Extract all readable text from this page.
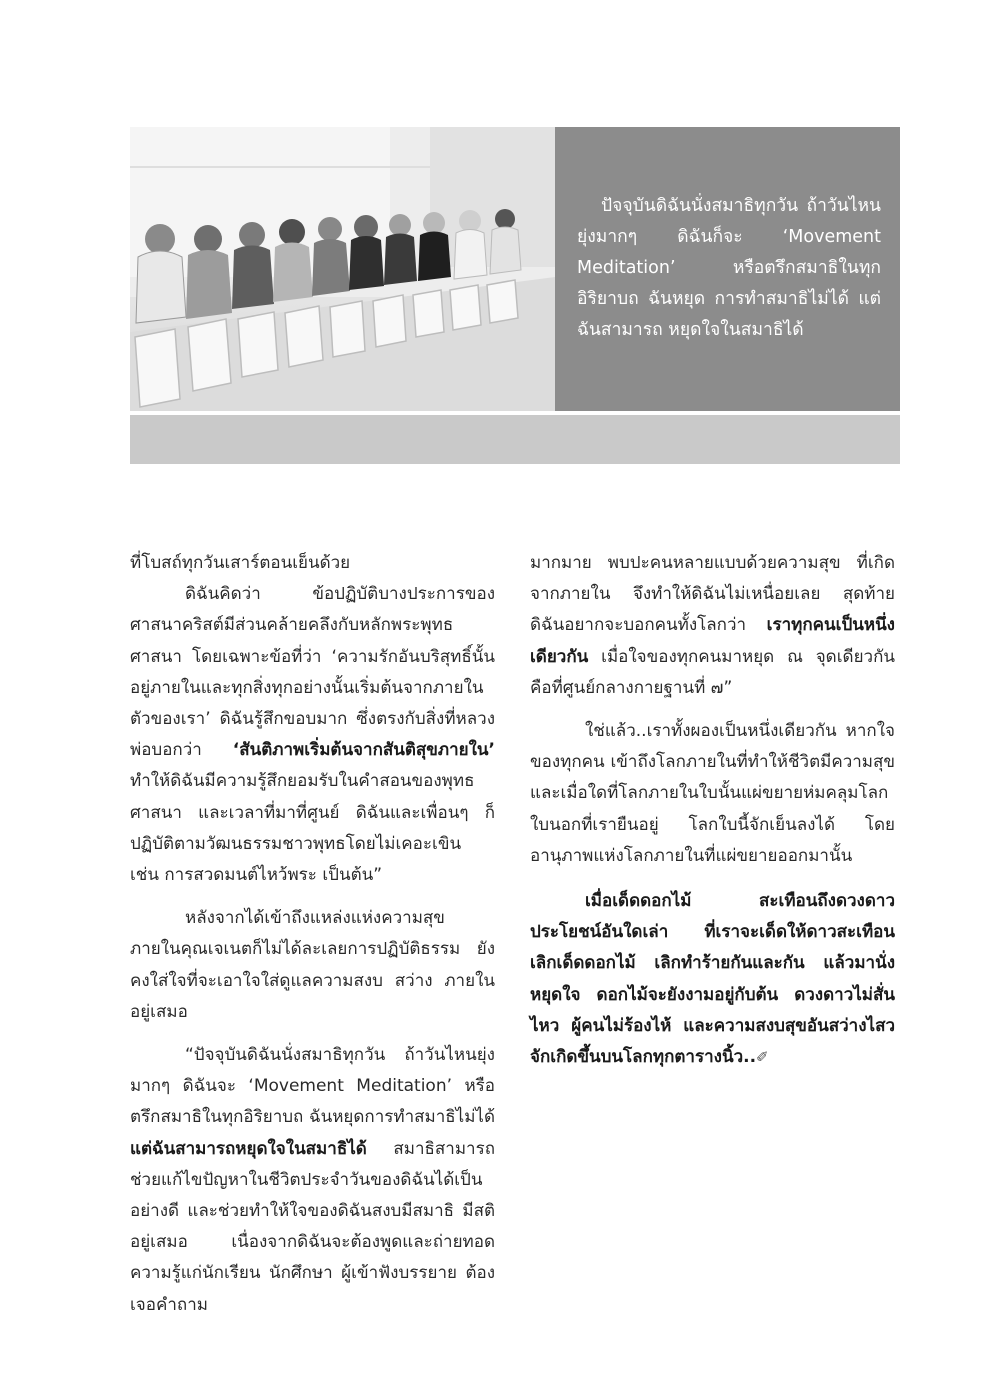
ปัจจุบันดิฉันนั่งสมาธิทุกวัน ถ้าวันไหนยุ่งมากๆ ดิฉันก็จะ ‘Movement Meditation’ หรือตรึกสมาธิในทุกอิริยาบถ ฉันหยุด การทำสมาธิไม่ได้ แต่ฉันสามารถ หยุดใจในสมาธิได้

ที่โบสถ์ทุกวันเสาร์ตอนเย็นด้วย

ดิฉันคิดว่า ข้อปฏิบัติบางประการของศาสนาคริสต์มีส่วนคล้ายคลึงกับหลักพระพุทธศาสนา โดยเฉพาะข้อที่ว่า ‘ความรักอันบริสุทธิ์นั้นอยู่ภายในและทุกสิ่งทุกอย่างนั้นเริ่มต้นจากภายในตัวของเรา’ ดิฉันรู้สึกขอบมาก ซึ่งตรงกับสิ่งที่หลวงพ่อบอกว่า ‘สันติภาพเริ่มต้นจากสันติสุขภายใน’ ทำให้ดิฉันมีความรู้สึกยอมรับในคำสอนของพุทธศาสนา และเวลาที่มาที่ศูนย์ ดิฉันและเพื่อนๆ ก็ปฏิบัติตามวัฒนธรรมชาวพุทธโดยไม่เคอะเขิน เช่น การสวดมนต์ไหว้พระ เป็นต้น”

หลังจากได้เข้าถึงแหล่งแห่งความสุขภายในคุณเจเนตก็ไม่ได้ละเลยการปฏิบัติธรรม ยังคงใส่ใจที่จะเอาใจใส่ดูแลความสงบ สว่าง ภายในอยู่เสมอ

“ปัจจุบันดิฉันนั่งสมาธิทุกวัน ถ้าวันไหนยุ่งมากๆ ดิฉันจะ ‘Movement Meditation’ หรือตรึกสมาธิในทุกอิริยาบถ ฉันหยุดการทำสมาธิไม่ได้ แต่ฉันสามารถหยุดใจในสมาธิได้ สมาธิสามารถช่วยแก้ไขปัญหาในชีวิตประจำวันของดิฉันได้เป็นอย่างดี และช่วยทำให้ใจของดิฉันสงบมีสมาธิ มีสติอยู่เสมอ เนื่องจากดิฉันจะต้องพูดและถ่ายทอดความรู้แก่นักเรียน นักศึกษา ผู้เข้าฟังบรรยาย ต้องเจอคำถาม

มากมาย พบปะคนหลายแบบด้วยความสุข ที่เกิดจากภายใน จึงทำให้ดิฉันไม่เหนื่อยเลย สุดท้ายดิฉันอยากจะบอกคนทั้งโลกว่า เราทุกคนเป็นหนึ่งเดียวกัน เมื่อใจของทุกคนมาหยุด ณ จุดเดียวกัน คือที่ศูนย์กลางกายฐานที่ ๗”

ใช่แล้ว..เราทั้งผองเป็นหนึ่งเดียวกัน หากใจของทุกคน เข้าถึงโลกภายในที่ทำให้ชีวิตมีความสุข และเมื่อใดที่โลกภายในใบนั้นแผ่ขยายห่มคลุมโลกใบนอกที่เรายืนอยู่ โลกใบนี้จักเย็นลงได้ โดยอานุภาพแห่งโลกภายในที่แผ่ขยายออกมานั้น

เมื่อเด็ดดอกไม้ สะเทือนถึงดวงดาว ประโยชน์อันใดเล่า ที่เราจะเด็ดให้ดาวสะเทือน เลิกเด็ดดอกไม้ เลิกทำร้ายกันและกัน แล้วมานั่งหยุดใจ ดอกไม้จะยังงามอยู่กับต้น ดวงดาวไม่สั่นไหว ผู้คนไม่ร้องไห้ และความสงบสุขอันสว่างไสว จักเกิดขึ้นบนโลกทุกตารางนิ้ว..✐
